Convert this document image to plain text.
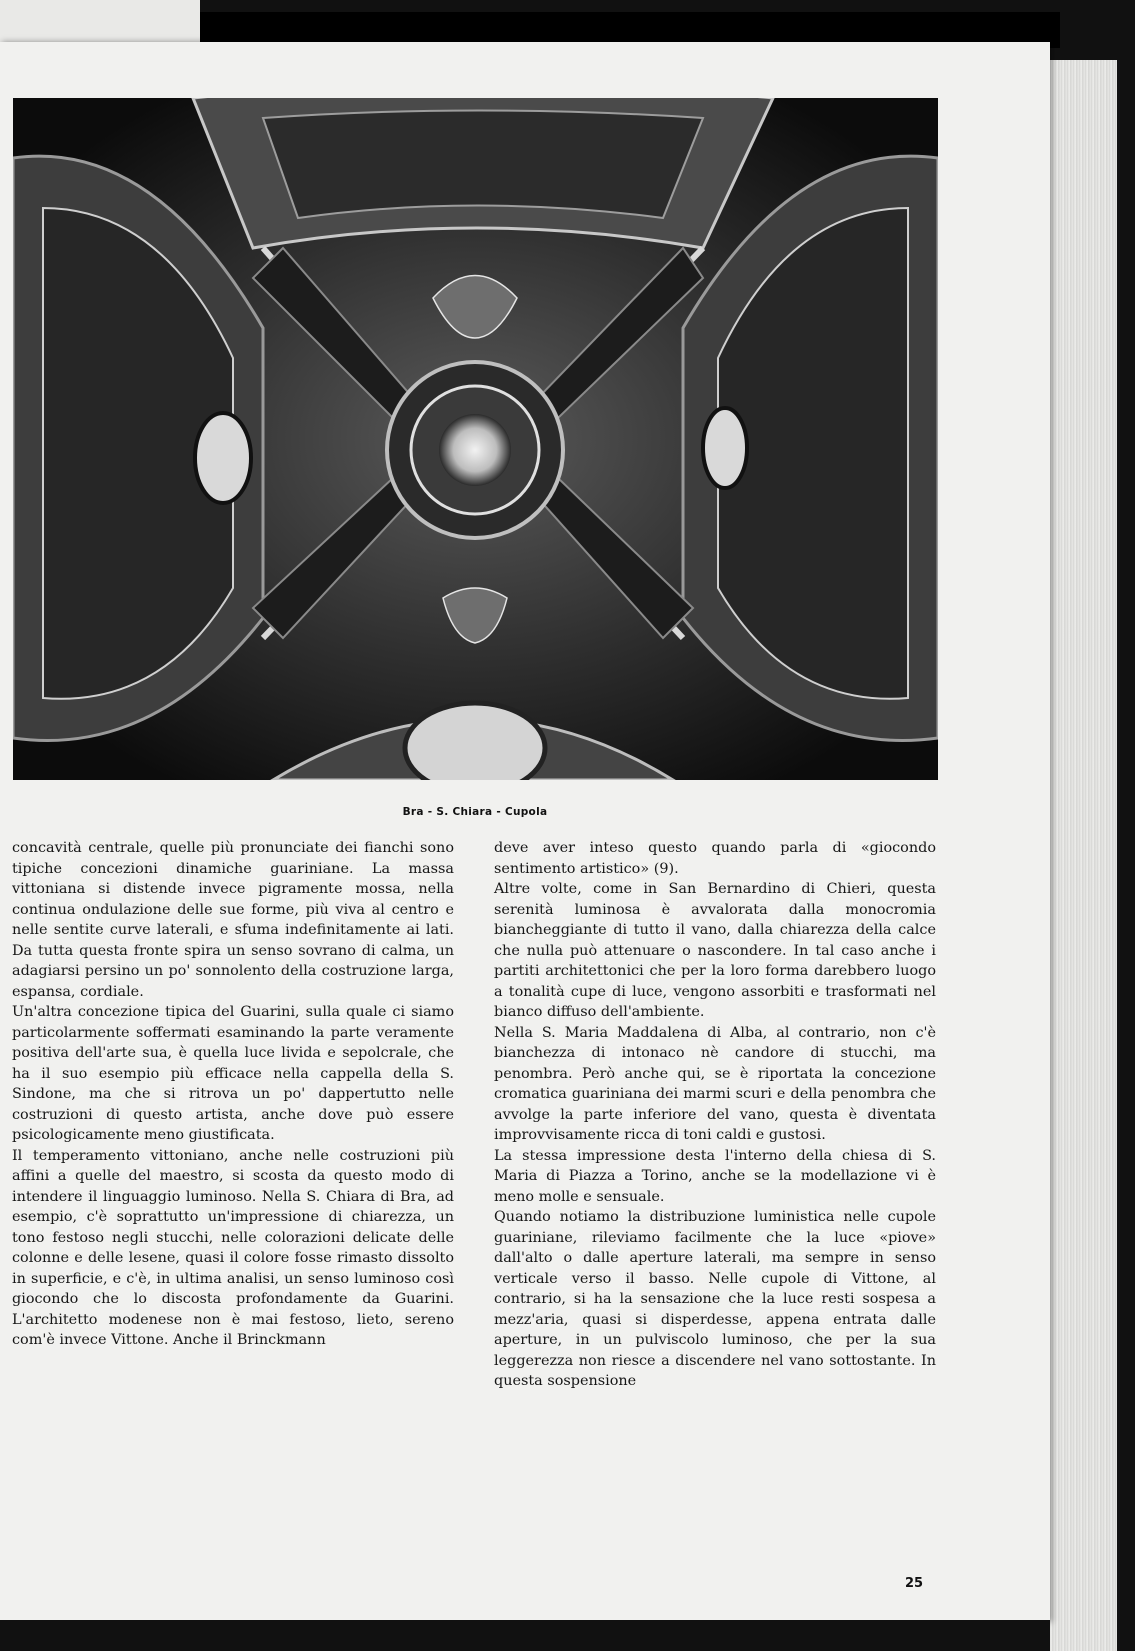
Bra - S. Chiara - Cupola

concavità centrale, quelle più pronunciate dei fianchi sono tipiche concezioni dinamiche guariniane. La massa vittoniana si distende invece pigramente mossa, nella continua ondulazione delle sue forme, più viva al centro e nelle sentite curve laterali, e sfuma indefinitamente ai lati. Da tutta questa fronte spira un senso sovrano di calma, un adagiarsi persino un po' sonnolento della costruzione larga, espansa, cordiale.

Un'altra concezione tipica del Guarini, sulla quale ci siamo particolarmente soffermati esaminando la parte veramente positiva dell'arte sua, è quella luce livida e sepolcrale, che ha il suo esempio più efficace nella cappella della S. Sindone, ma che si ritrova un po' dappertutto nelle costruzioni di questo artista, anche dove può essere psicologicamente meno giustificata.

Il temperamento vittoniano, anche nelle costruzioni più affini a quelle del maestro, si scosta da questo modo di intendere il linguaggio luminoso. Nella S. Chiara di Bra, ad esempio, c'è soprattutto un'impressione di chiarezza, un tono festoso negli stucchi, nelle colorazioni delicate delle colonne e delle lesene, quasi il colore fosse rimasto dissolto in superficie, e c'è, in ultima analisi, un senso luminoso così giocondo che lo discosta profondamente da Guarini. L'architetto modenese non è mai festoso, lieto, sereno com'è invece Vittone. Anche il Brinckmann

deve aver inteso questo quando parla di «giocondo sentimento artistico» (9).

Altre volte, come in San Bernardino di Chieri, questa serenità luminosa è avvalorata dalla monocromia biancheggiante di tutto il vano, dalla chiarezza della calce che nulla può attenuare o nascondere. In tal caso anche i partiti architettonici che per la loro forma darebbero luogo a tonalità cupe di luce, vengono assorbiti e trasformati nel bianco diffuso dell'ambiente.

Nella S. Maria Maddalena di Alba, al contrario, non c'è bianchezza di intonaco nè candore di stucchi, ma penombra. Però anche qui, se è riportata la concezione cromatica guariniana dei marmi scuri e della penombra che avvolge la parte inferiore del vano, questa è diventata improvvisamente ricca di toni caldi e gustosi.

La stessa impressione desta l'interno della chiesa di S. Maria di Piazza a Torino, anche se la modellazione vi è meno molle e sensuale.

Quando notiamo la distribuzione luministica nelle cupole guariniane, rileviamo facilmente che la luce «piove» dall'alto o dalle aperture laterali, ma sempre in senso verticale verso il basso. Nelle cupole di Vittone, al contrario, si ha la sensazione che la luce resti sospesa a mezz'aria, quasi si disperdesse, appena entrata dalle aperture, in un pulviscolo luminoso, che per la sua leggerezza non riesce a discendere nel vano sottostante. In questa sospensione

25
